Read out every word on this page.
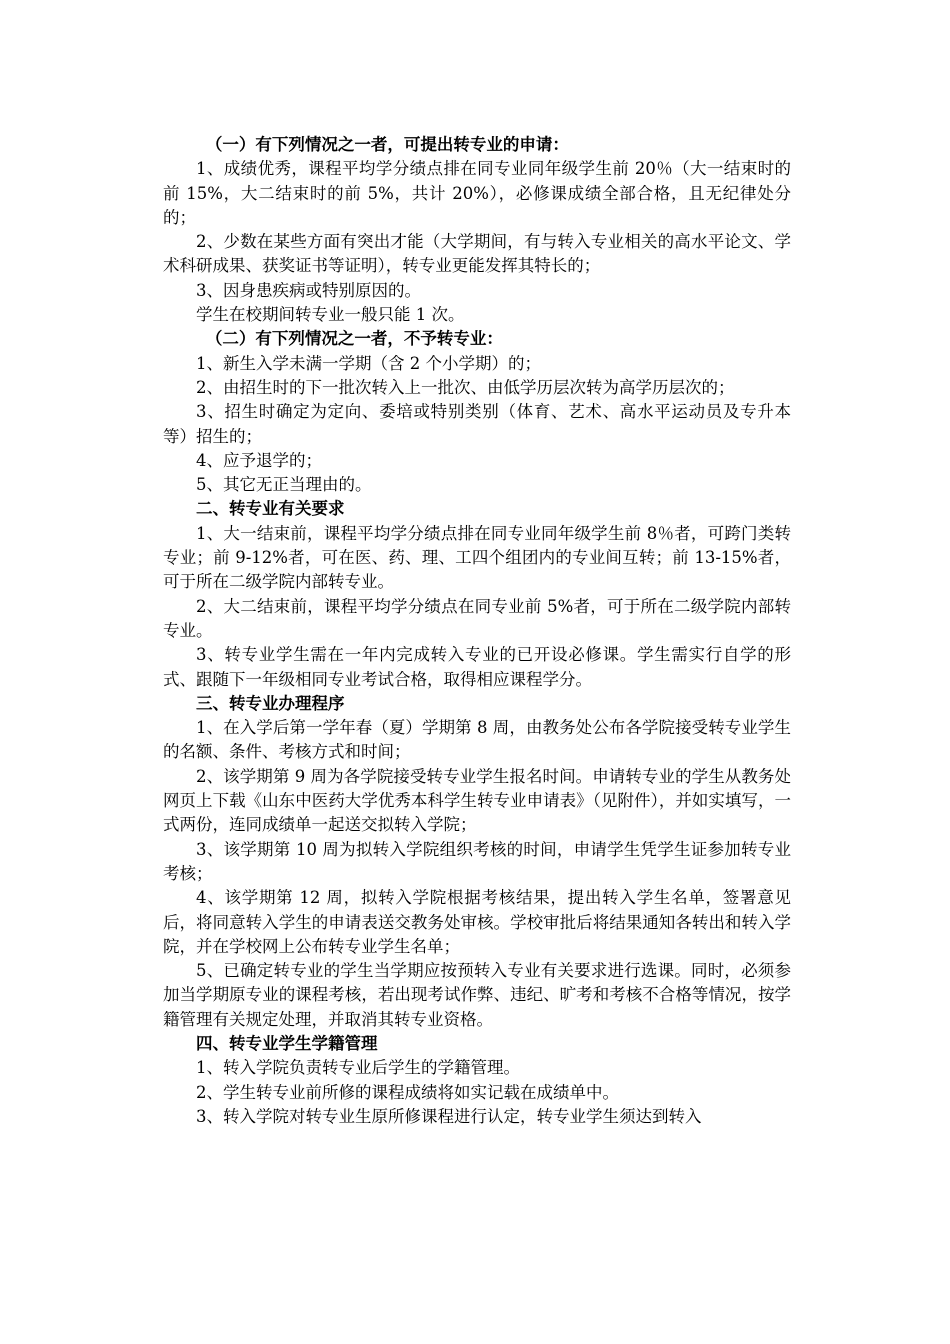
（一）有下列情况之一者，可提出转专业的申请：

1、成绩优秀，课程平均学分绩点排在同专业同年级学生前 20％（大一结束时的前 15%，大二结束时的前 5%，共计 20%），必修课成绩全部合格，且无纪律处分的；

2、少数在某些方面有突出才能（大学期间，有与转入专业相关的高水平论文、学术科研成果、获奖证书等证明），转专业更能发挥其特长的；

3、因身患疾病或特别原因的。

学生在校期间转专业一般只能 1 次。

（二）有下列情况之一者，不予转专业：

1、新生入学未满一学期（含 2 个小学期）的；

2、由招生时的下一批次转入上一批次、由低学历层次转为高学历层次的；

3、招生时确定为定向、委培或特别类别（体育、艺术、高水平运动员及专升本等）招生的；

4、应予退学的；

5、其它无正当理由的。

二、转专业有关要求

1、大一结束前，课程平均学分绩点排在同专业同年级学生前 8％者，可跨门类转专业；前 9-12%者，可在医、药、理、工四个组团内的专业间互转；前 13-15%者，可于所在二级学院内部转专业。

2、大二结束前，课程平均学分绩点在同专业前 5%者，可于所在二级学院内部转专业。

3、转专业学生需在一年内完成转入专业的已开设必修课。学生需实行自学的形式、跟随下一年级相同专业考试合格，取得相应课程学分。

三、转专业办理程序

1、在入学后第一学年春（夏）学期第 8 周，由教务处公布各学院接受转专业学生的名额、条件、考核方式和时间；

2、该学期第 9 周为各学院接受转专业学生报名时间。申请转专业的学生从教务处网页上下载《山东中医药大学优秀本科学生转专业申请表》（见附件），并如实填写，一式两份，连同成绩单一起送交拟转入学院；

3、该学期第 10 周为拟转入学院组织考核的时间，申请学生凭学生证参加转专业考核；

4、该学期第 12 周，拟转入学院根据考核结果，提出转入学生名单，签署意见后，将同意转入学生的申请表送交教务处审核。学校审批后将结果通知各转出和转入学院，并在学校网上公布转专业学生名单；

5、已确定转专业的学生当学期应按预转入专业有关要求进行选课。同时，必须参加当学期原专业的课程考核，若出现考试作弊、违纪、旷考和考核不合格等情况，按学籍管理有关规定处理，并取消其转专业资格。

四、转专业学生学籍管理

1、转入学院负责转专业后学生的学籍管理。

2、学生转专业前所修的课程成绩将如实记载在成绩单中。

3、转入学院对转专业生原所修课程进行认定，转专业学生须达到转入
